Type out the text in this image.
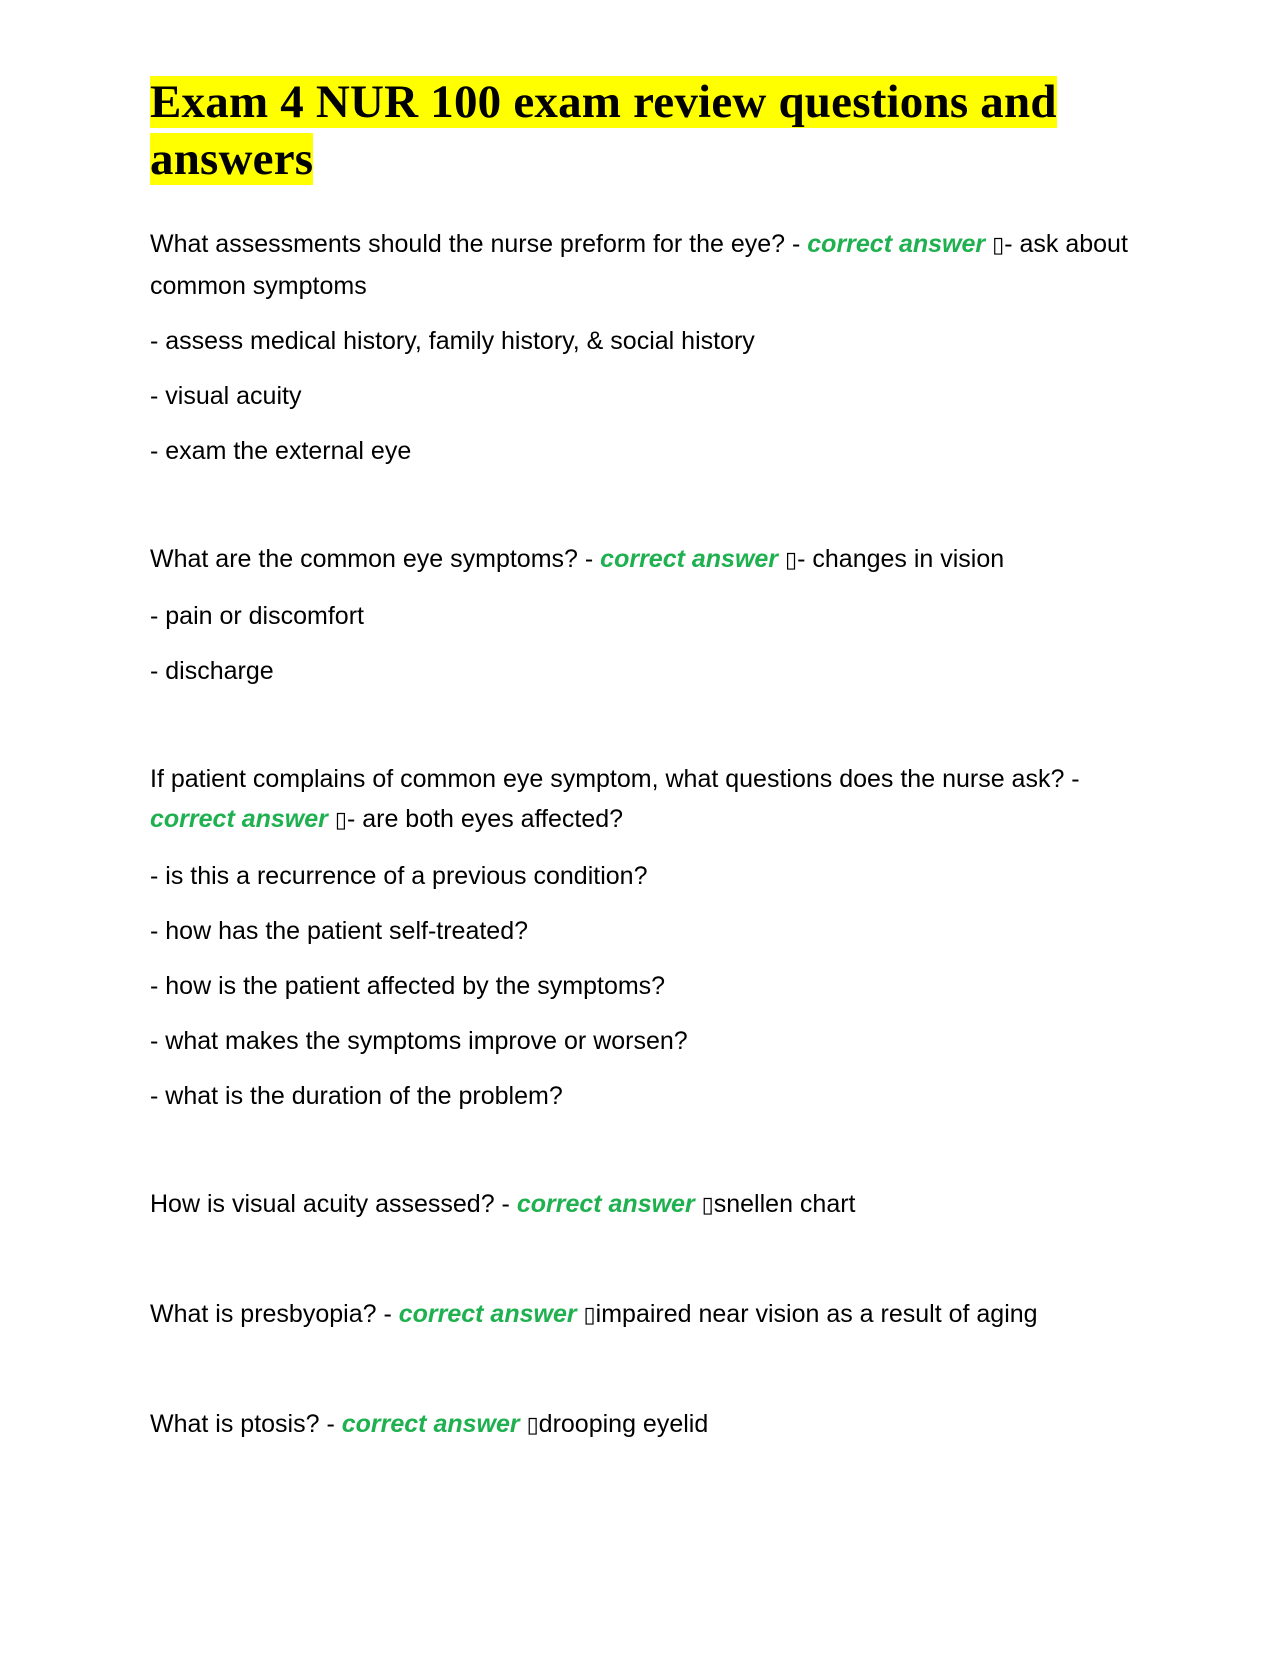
Exam 4 NUR 100 exam review questions and answers

What assessments should the nurse preform for the eye? - correct answer ▯- ask about common symptoms

- assess medical history, family history, & social history

- visual acuity

- exam the external eye

What are the common eye symptoms? - correct answer ▯- changes in vision

- pain or discomfort

- discharge

If patient complains of common eye symptom, what questions does the nurse ask? - correct answer ▯- are both eyes affected?

- is this a recurrence of a previous condition?

- how has the patient self-treated?

- how is the patient affected by the symptoms?

- what makes the symptoms improve or worsen?

- what is the duration of the problem?

How is visual acuity assessed? - correct answer ▯snellen chart

What is presbyopia? - correct answer ▯impaired near vision as a result of aging

What is ptosis? - correct answer ▯drooping eyelid
